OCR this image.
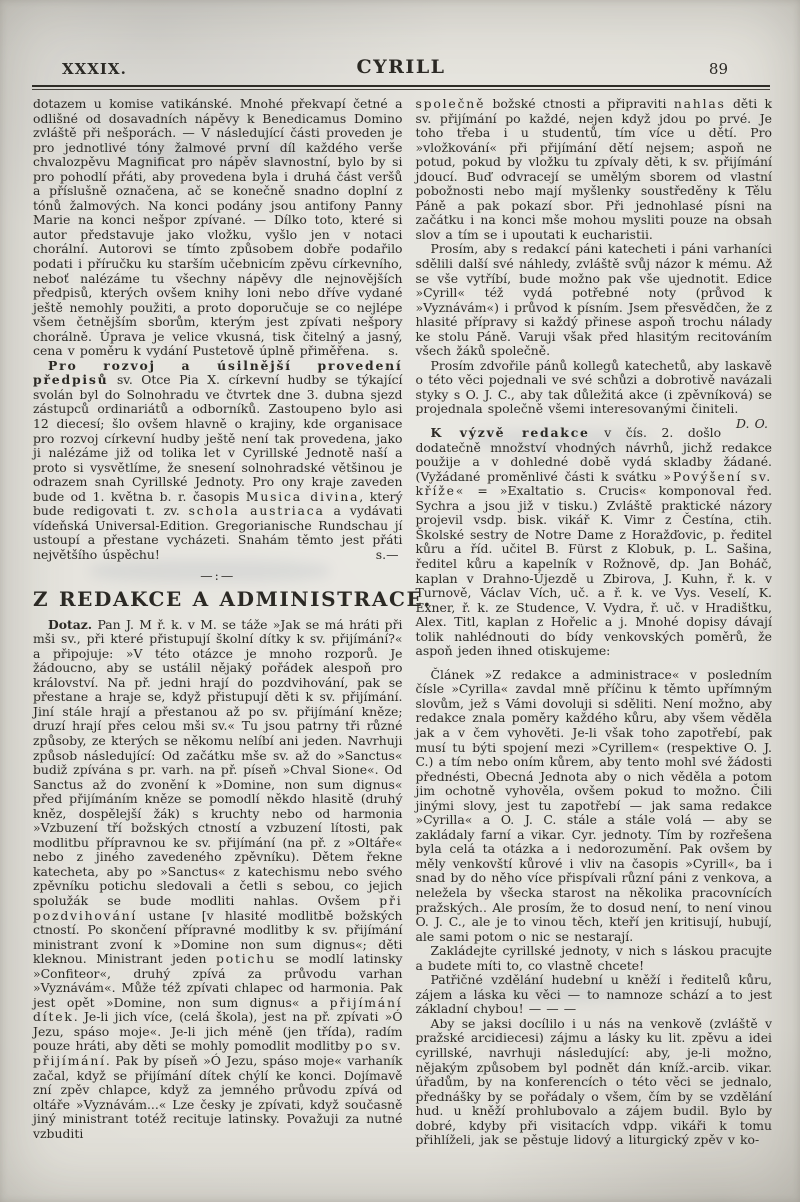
XXXIX.	CYRILL	89

dotazem u komise vatikánské. Mnohé překvapí četné a odlišné od dosavadních nápěvy k Benedicamus Domino zvláště při nešporách. — V následující části proveden je pro jednotlivé tóny žalmové první díl každého verše chvalozpěvu Magnificat pro nápěv slavnostní, bylo by si pro pohodlí přáti, aby provedena byla i druhá část veršů a příslušně označena, ač se konečně snadno doplní z tónů žalmových. Na konci podány jsou antifony Panny Marie na konci nešpor zpívané. — Dílko toto, které si autor představuje jako vložku, vyšlo jen v notaci chorální. Autorovi se tímto způsobem dobře podařilo podati i příručku ku starším učebnicím zpěvu církevního, neboť nalézáme tu všechny nápěvy dle nejnovějších předpisů, kterých ovšem knihy loni nebo dříve vydané ještě nemohly použiti, a proto doporučuje se co nejlépe všem četnějším sborům, kterým jest zpívati nešpory chorálně. Úprava je velice vkusná, tisk čitelný a jasný, cena v poměru k vydání Pustetově úplně přiměřena. s.

Pro rozvoj a úsilnější provedení předpisů sv. Otce Pia X. církevní hudby se týkající svolán byl do Solnohradu ve čtvrtek dne 3. dubna sjezd zástupců ordinariátů a odborníků. Zastoupeno bylo asi 12 diecesí; šlo ovšem hlavně o krajiny, kde organisace pro rozvoj církevní hudby ještě není tak provedena, jako ji nalézáme již od tolika let v Cyrillské Jednotě naší a proto si vysvětlíme, že snesení solnohradské většinou je odrazem snah Cyrillské Jednoty. Pro ony kraje zaveden bude od 1. května b. r. časopis Musica divina, který bude redigovati t. zv. schola austriaca a vydávati vídeňská Universal-Edition. Gregorianische Rundschau jí ustoupí a přestane vycházeti. Snahám těmto jest přáti největšího úspěchu!	s.—

—:—
Z REDAKCE A ADMINISTRACE.

Dotaz. Pan J. M ř. k. v M. se táže »Jak se má hráti při mši sv., při které přistupují školní dítky k sv. přijímání?« a připojuje: »V této otázce je mnoho rozporů. Je žádoucno, aby se ustálil nějaký pořádek alespoň pro království. Na př. jedni hrají do pozdvihování, pak se přestane a hraje se, když přistupují děti k sv. přijímání. Jiní stále hrají a přestanou až po sv. přijímání kněze; druzí hrají přes celou mši sv.« Tu jsou patrny tři různé způsoby, ze kterých se někomu nelíbí ani jeden. Navrhuji způsob následující: Od začátku mše sv. až do »Sanctus« budiž zpívána s pr. varh. na př. píseň »Chval Sione«. Od Sanctus až do zvonění k »Domine, non sum dignus« před přijímáním kněze se pomodlí někdo hlasitě (druhý kněz, dospělejší žák) s kruchty nebo od harmonia »Vzbuzení tří božských ctností a vzbuzení lítosti, pak modlitbu přípravnou ke sv. přijímání (na př. z »Oltáře« nebo z jiného zavedeného zpěvníku). Dětem řekne katecheta, aby po »Sanctus« z katechismu nebo svého zpěvníku potichu sledovali a četli s sebou, co jejich spolužák se bude modliti nahlas. Ovšem při pozdvihování ustane [v hlasité modlitbě božských ctností. Po skončení přípravné modlitby k sv. přijímání ministrant zvoní k »Domine non sum dignus«; děti kleknou. Ministrant jeden potichu se modlí latinsky »Confiteor«, druhý zpívá za průvodu varhan »Vyznávám«. Může též zpívati chlapec od harmonia. Pak jest opět »Domine, non sum dignus« a přijímání dítek. Je-li jich více, (celá škola), jest na př. zpívati »Ó Jezu, spáso moje«. Je-li jich méně (jen třída), radím pouze hráti, aby děti se mohly pomodlit modlitby po sv. přijímání. Pak by píseň »Ó Jezu, spáso moje« varhaník začal, když se přijímání dítek chýlí ke konci. Dojímavě zní zpěv chlapce, když za jemného průvodu zpívá od oltáře »Vyznávám...« Lze česky je zpívati, když současně jiný ministrant totéž recituje latinsky. Považuji za nutné vzbuditi

společně božské ctnosti a připraviti nahlas děti k sv. přijímání po každé, nejen když jdou po prvé. Je toho třeba i u studentů, tím více u dětí. Pro »vložkování« při přijímání dětí nejsem; aspoň ne potud, pokud by vložku tu zpívaly děti, k sv. přijímání jdoucí. Buď odvracejí se umělým sborem od vlastní pobožnosti nebo mají myšlenky soustředěny k Tělu Páně a pak pokazí sbor. Při jednohlasé písni na začátku i na konci mše mohou mysliti pouze na obsah slov a tím se i upoutati k eucharistii.

Prosím, aby s redakcí páni katecheti i páni varhaníci sdělili další své náhledy, zvláště svůj názor k mému. Až se vše vytříbí, bude možno pak vše ujednotit. Edice »Cyrill« též vydá potřebné noty (průvod k »Vyznávám«) i průvod k písním. Jsem přesvědčen, že z hlasité přípravy si každý přinese aspoň trochu nálady ke stolu Páně. Varuji však před hlasitým recitováním všech žáků společně.

Prosím zdvořile pánů kollegů katechetů, aby laskavě o této věci pojednali ve své schůzi a dobrotivě navázali styky s O. J. C., aby tak důležitá akce (i zpěvníková) se projednala společně všemi interesovanými činiteli.
D. O.

K výzvě redakce v čís. 2. došlo dodatečně množství vhodných návrhů, jichž redakce použije a v dohledné době vydá skladby žádané. (Vyžádané proměnlivé části k svátku »Povýšení sv. kříže« = »Exaltatio s. Crucis« komponoval řed. Sychra a jsou již v tisku.) Zvláště praktické názory projevil vsdp. bisk. vikář K. Vimr z Čestína, ctih. Školské sestry de Notre Dame z Horažďovic, p. ředitel kůru a říd. učitel B. Fürst z Klobuk, p. L. Sašina, ředitel kůru a kapelník v Rožnově, dp. Jan Boháč, kaplan v Drahno-Újezdě u Zbirova, J. Kuhn, ř. k. v Turnově, Václav Vích, uč. a ř. k. ve Vys. Veselí, K. Exner, ř. k. ze Studence, V. Vydra, ř. uč. v Hradištku, Alex. Titl, kaplan z Hořelic a j. Mnohé dopisy dávají tolik nahlédnouti do bídy venkovských poměrů, že aspoň jeden ihned otiskujeme:

Článek »Z redakce a administrace« v posledním čísle »Cyrilla« zavdal mně příčinu k těmto upřímným slovům, jež s Vámi dovoluji si sděliti. Není možno, aby redakce znala poměry každého kůru, aby všem věděla jak a v čem vyhověti. Je-li však toho zapotřebí, pak musí tu býti spojení mezi »Cyrillem« (respektive O. J. C.) a tím nebo oním kůrem, aby tento mohl své žádosti přednésti, Obecná Jednota aby o nich věděla a potom jim ochotně vyhověla, ovšem pokud to možno. Čili jinými slovy, jest tu zapotřebí — jak sama redakce »Cyrilla« a O. J. C. stále a stále volá — aby se zakládaly farní a vikar. Cyr. jednoty. Tím by rozřešena byla celá ta otázka a i nedorozumění. Pak ovšem by měly venkovští kůrové i vliv na časopis »Cyrill«, ba i snad by do něho více přispívali různí páni z venkova, a neležela by všecka starost na několika pracovnících pražských.. Ale prosím, že to dosud není, to není vinou O. J. C., ale je to vinou těch, kteří jen kritisují, hubují, ale sami potom o nic se nestarají.

Zakládejte cyrillské jednoty, v nich s láskou pracujte a budete míti to, co vlastně chcete!

Patřičné vzdělání hudební u kněží i ředitelů kůru, zájem a láska ku věci — to namnoze schází a to jest základní chybou! — — —

Aby se jaksi docílilo i u nás na venkově (zvláště v pražské arcidiecesi) zájmu a lásky ku lit. zpěvu a idei cyrillské, navrhuji následující: aby, je-li možno, nějakým způsobem byl podnět dán kníž.-arcib. vikar. úřadům, by na konferencích o této věci se jednalo, přednášky by se pořádaly o všem, čím by se vzdělání hud. u kněží prohlubovalo a zájem budil. Bylo by dobré, kdyby při visitacích vdpp. vikáři k tomu přihlíželi, jak se pěstuje lidový a liturgický zpěv v ko-
